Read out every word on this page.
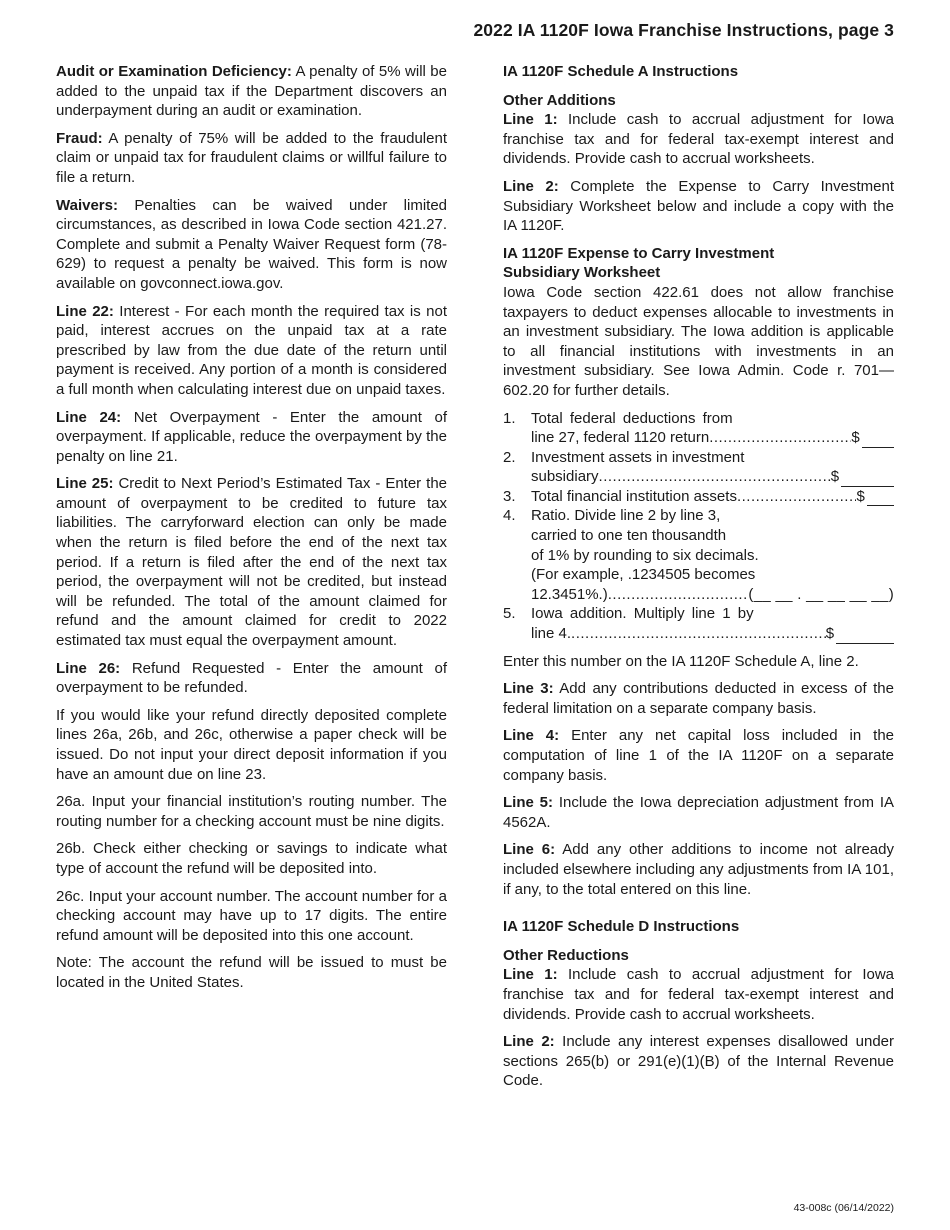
2022 IA 1120F Iowa Franchise Instructions, page 3

Audit or Examination Deficiency: A penalty of 5% will be added to the unpaid tax if the Department discovers an underpayment during an audit or examination.

Fraud: A penalty of 75% will be added to the fraudulent claim or unpaid tax for fraudulent claims or willful failure to file a return.

Waivers: Penalties can be waived under limited circumstances, as described in Iowa Code section 421.27. Complete and submit a Penalty Waiver Request form (78-629) to request a penalty be waived. This form is now available on govconnect.iowa.gov.

Line 22: Interest - For each month the required tax is not paid, interest accrues on the unpaid tax at a rate prescribed by law from the due date of the return until payment is received. Any portion of a month is considered a full month when calculating interest due on unpaid taxes.

Line 24: Net Overpayment - Enter the amount of overpayment. If applicable, reduce the overpayment by the penalty on line 21.

Line 25: Credit to Next Period’s Estimated Tax - Enter the amount of overpayment to be credited to future tax liabilities. The carryforward election can only be made when the return is filed before the end of the next tax period. If a return is filed after the end of the next tax period, the overpayment will not be credited, but instead will be refunded. The total of the amount claimed for refund and the amount claimed for credit to 2022 estimated tax must equal the overpayment amount.

Line 26: Refund Requested - Enter the amount of overpayment to be refunded.

If you would like your refund directly deposited complete lines 26a, 26b, and 26c, otherwise a paper check will be issued. Do not input your direct deposit information if you have an amount due on line 23.

26a. Input your financial institution’s routing number. The routing number for a checking account must be nine digits.

26b. Check either checking or savings to indicate what type of account the refund will be deposited into.

26c. Input your account number. The account number for a checking account may have up to 17 digits. The entire refund amount will be deposited into this one account.

Note: The account the refund will be issued to must be located in the United States.

IA 1120F Schedule A Instructions
Other Additions

Line 1: Include cash to accrual adjustment for Iowa franchise tax and for federal tax-exempt interest and dividends. Provide cash to accrual worksheets.

Line 2: Complete the Expense to Carry Investment Subsidiary Worksheet below and include a copy with the IA 1120F.

IA 1120F Expense to Carry Investment
Subsidiary Worksheet

Iowa Code section 422.61 does not allow franchise taxpayers to deduct expenses allocable to investments in an investment subsidiary. The Iowa addition is applicable to all financial institutions with investments in an investment subsidiary. See Iowa Admin. Code r. 701—602.20 for further details.

1. Total federal deductions from
line 27, federal 1120 return .....	$
2. Investment assets in investment
subsidiary .....	$
3. Total financial institution assets .....	$
4. Ratio. Divide line 2 by line 3,
carried to one ten thousandth
of 1% by rounding to six decimals.
(For example, .1234505 becomes
12.3451%.) .....	(__ __ . __ __ __ __)
5. Iowa addition. Multiply line 1 by
line 4. .....	$

Enter this number on the IA 1120F Schedule A, line 2.

Line 3: Add any contributions deducted in excess of the federal limitation on a separate company basis.

Line 4: Enter any net capital loss included in the computation of line 1 of the IA 1120F on a separate company basis.

Line 5: Include the Iowa depreciation adjustment from IA 4562A.

Line 6: Add any other additions to income not already included elsewhere including any adjustments from IA 101, if any, to the total entered on this line.

IA 1120F Schedule D Instructions
Other Reductions

Line 1: Include cash to accrual adjustment for Iowa franchise tax and for federal tax-exempt interest and dividends. Provide cash to accrual worksheets.

Line 2: Include any interest expenses disallowed under sections 265(b) or 291(e)(1)(B) of the Internal Revenue Code.

43-008c (06/14/2022)
